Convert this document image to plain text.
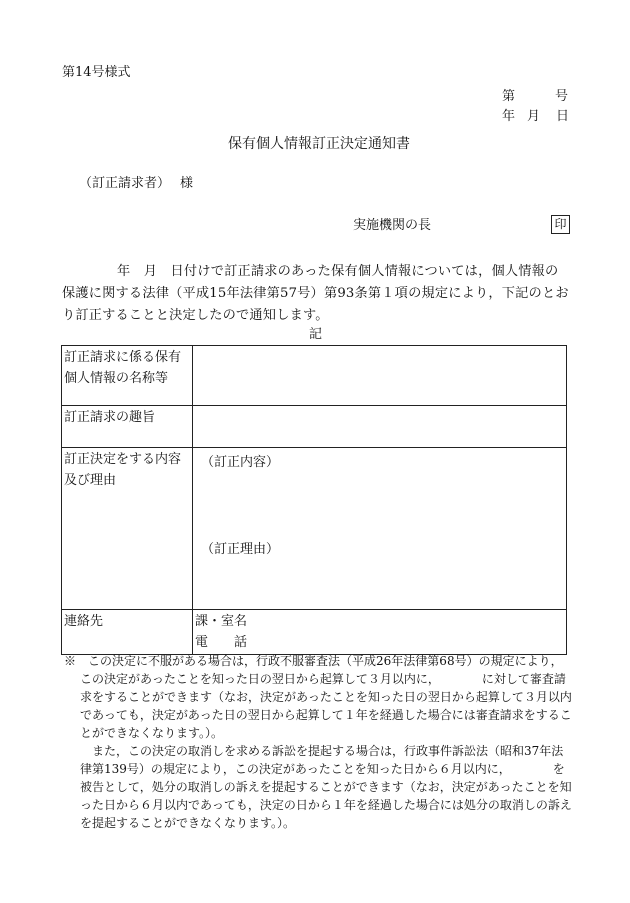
第14号様式
第	号
年 月 日
保有個人情報訂正決定通知書
（訂正請求者） 様
実施機関の長	印
年　月　日付けで訂正請求のあった保有個人情報については，個人情報の保護に関する法律（平成15年法律第57号）第93条第１項の規定により，下記のとおり訂正することと決定したので通知します。
記
訂正請求に係る保有個人情報の名称等	
訂正請求の趣旨	
訂正決定をする内容及び理由	（訂正内容）
（訂正理由）

連絡先	課・室名
電　　話
※　 この決定に不服がある場合は，行政不服審査法（平成26年法律第68号）の規定により，
この決定があったことを知った日の翌日から起算して３月以内に，　　　　に対して審査請求をすることができます（なお，決定があったことを知った日の翌日から起算して３月以内であっても，決定があった日の翌日から起算して１年を経過した場合には審査請求をすることができなくなります。）。
　また，この決定の取消しを求める訴訟を提起する場合は，行政事件訴訟法（昭和37年法律第139号）の規定により，この決定があったことを知った日から６月以内に，　　　　を被告として，処分の取消しの訴えを提起することができます（なお，決定があったことを知った日から６月以内であっても，決定の日から１年を経過した場合には処分の取消しの訴えを提起することができなくなります。）。
